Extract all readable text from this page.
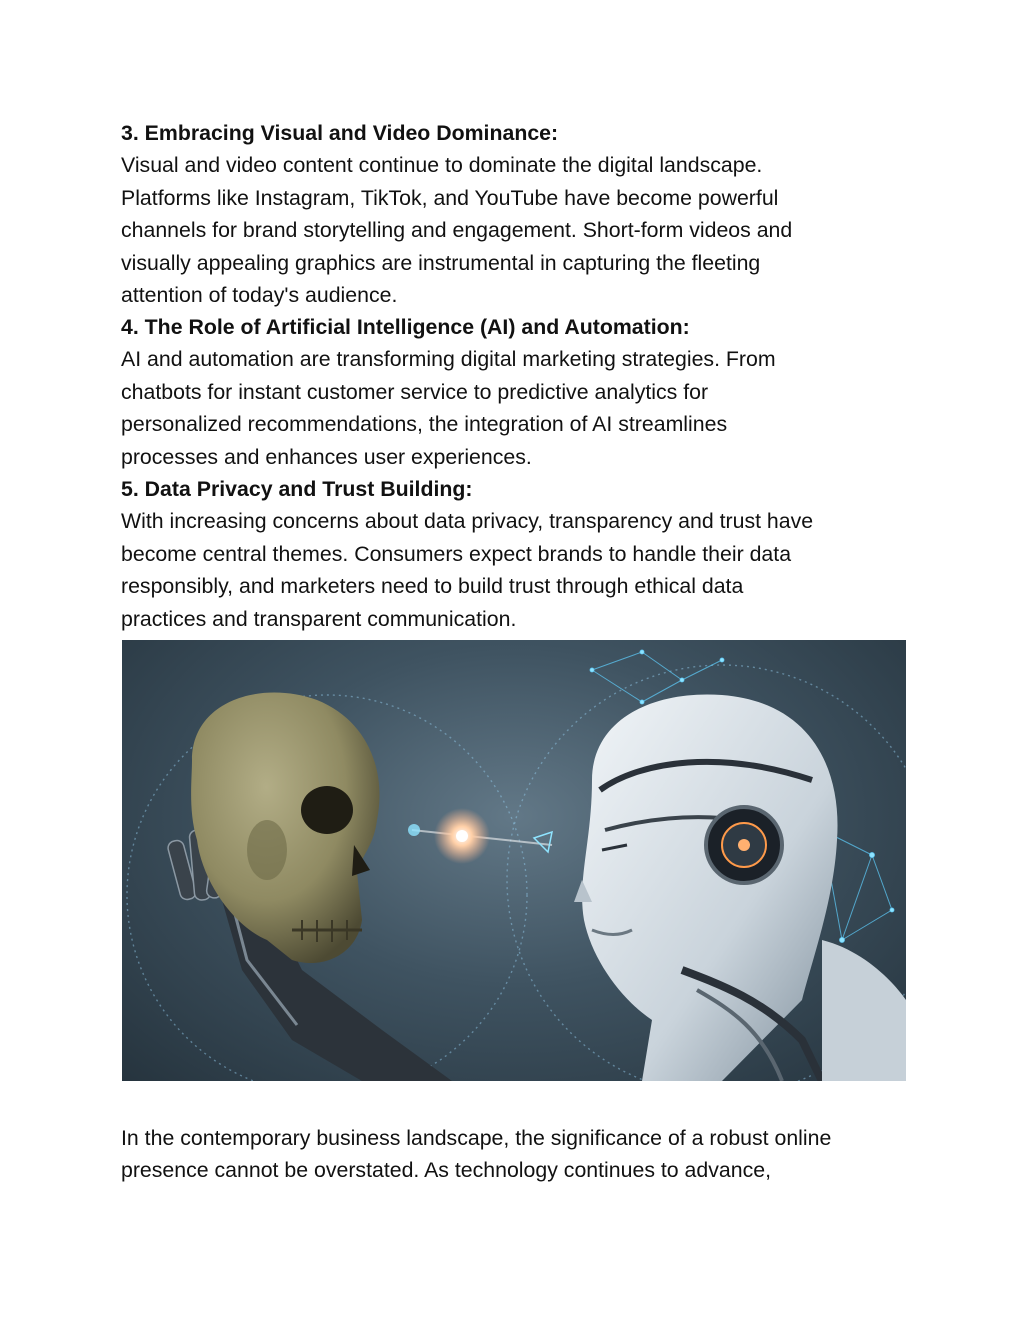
3. Embracing Visual and Video Dominance:

Visual and video content continue to dominate the digital landscape.

Platforms like Instagram, TikTok, and YouTube have become powerful

channels for brand storytelling and engagement. Short-form videos and

visually appealing graphics are instrumental in capturing the fleeting

attention of today's audience.

4. The Role of Artificial Intelligence (AI) and Automation:

AI and automation are transforming digital marketing strategies. From

chatbots for instant customer service to predictive analytics for

personalized recommendations, the integration of AI streamlines

processes and enhances user experiences.

5. Data Privacy and Trust Building:

With increasing concerns about data privacy, transparency and trust have

become central themes. Consumers expect brands to handle their data

responsibly, and marketers need to build trust through ethical data

practices and transparent communication.

In the contemporary business landscape, the significance of a robust online

presence cannot be overstated. As technology continues to advance,
